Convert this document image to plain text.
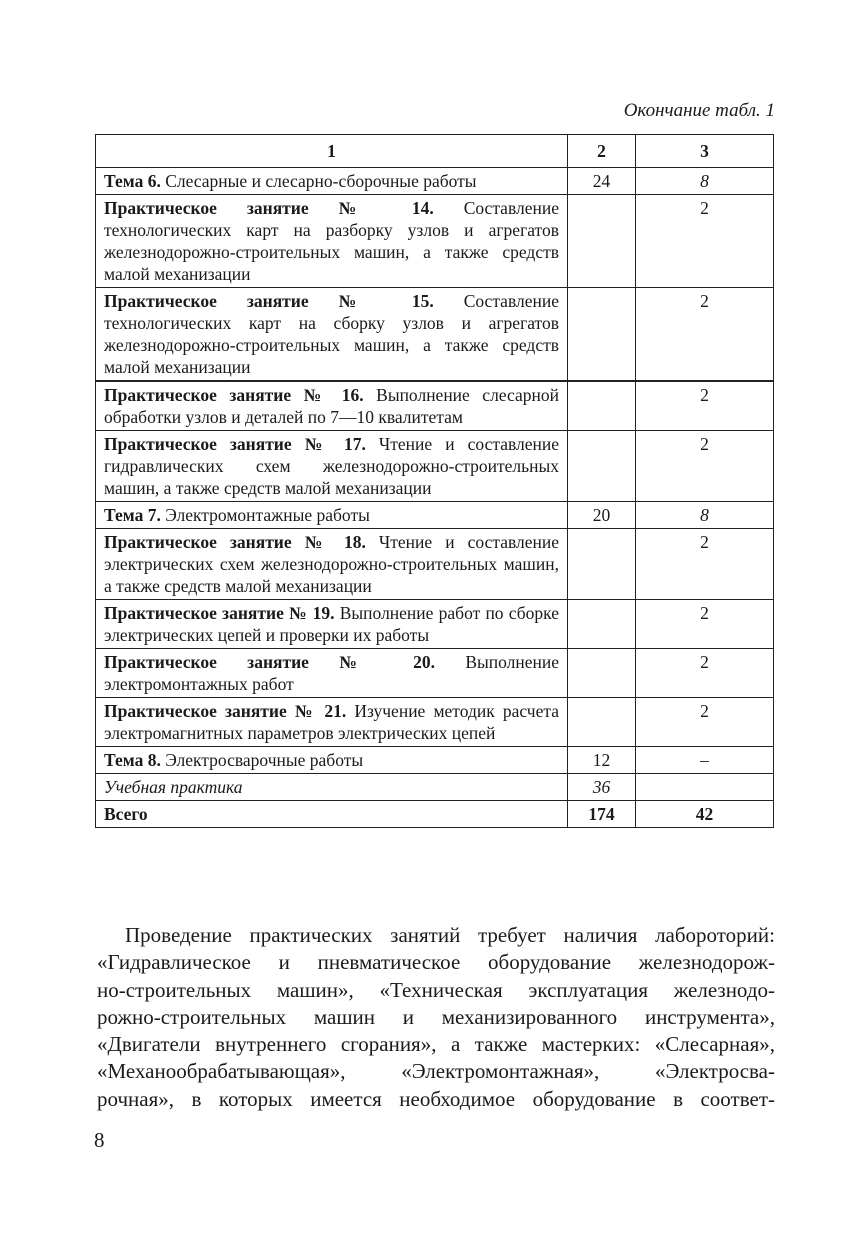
Окончание табл. 1
1	2	3
Тема 6. Слесарные и слесарно-сборочные работы	24	8
Практическое занятие № 14. Составление технологических карт на разборку узлов и агрегатов железнодорожно-строительных машин, а также средств малой механизации		2
Практическое занятие № 15. Составление технологических карт на сборку узлов и агрегатов железнодорожно-строительных машин, а также средств малой механизации		2
Практическое занятие № 16. Выполнение слесарной обработки узлов и деталей по 7—10 квалитетам		2
Практическое занятие № 17. Чтение и составление гидравлических схем железнодорожно-строительных машин, а также средств малой механизации		2
Тема 7. Электромонтажные работы	20	8
Практическое занятие № 18. Чтение и составление электрических схем железнодорожно-строительных машин, а также средств малой механизации		2
Практическое занятие № 19. Выполнение работ по сборке электрических цепей и проверки их работы		2
Практическое занятие № 20. Выполнение электромонтажных работ		2
Практическое занятие № 21. Изучение методик расчета электромагнитных параметров электрических цепей		2
Тема 8. Электросварочные работы	12	–
Учебная практика	36	
Всего	174	42

Проведение практических занятий требует наличия лабороторий:
«Гидравлическое и пневматическое оборудование железнодорож-
но-строительных машин», «Техническая эксплуатация железнодо-
рожно-строительных машин и механизированного инструмента»,
«Двигатели внутреннего сгорания», а также мастерких: «Слесарная»,
«Механообрабатывающая», «Электромонтажная», «Электросва-
рочная», в которых имеется необходимое оборудование в соответ-

8
